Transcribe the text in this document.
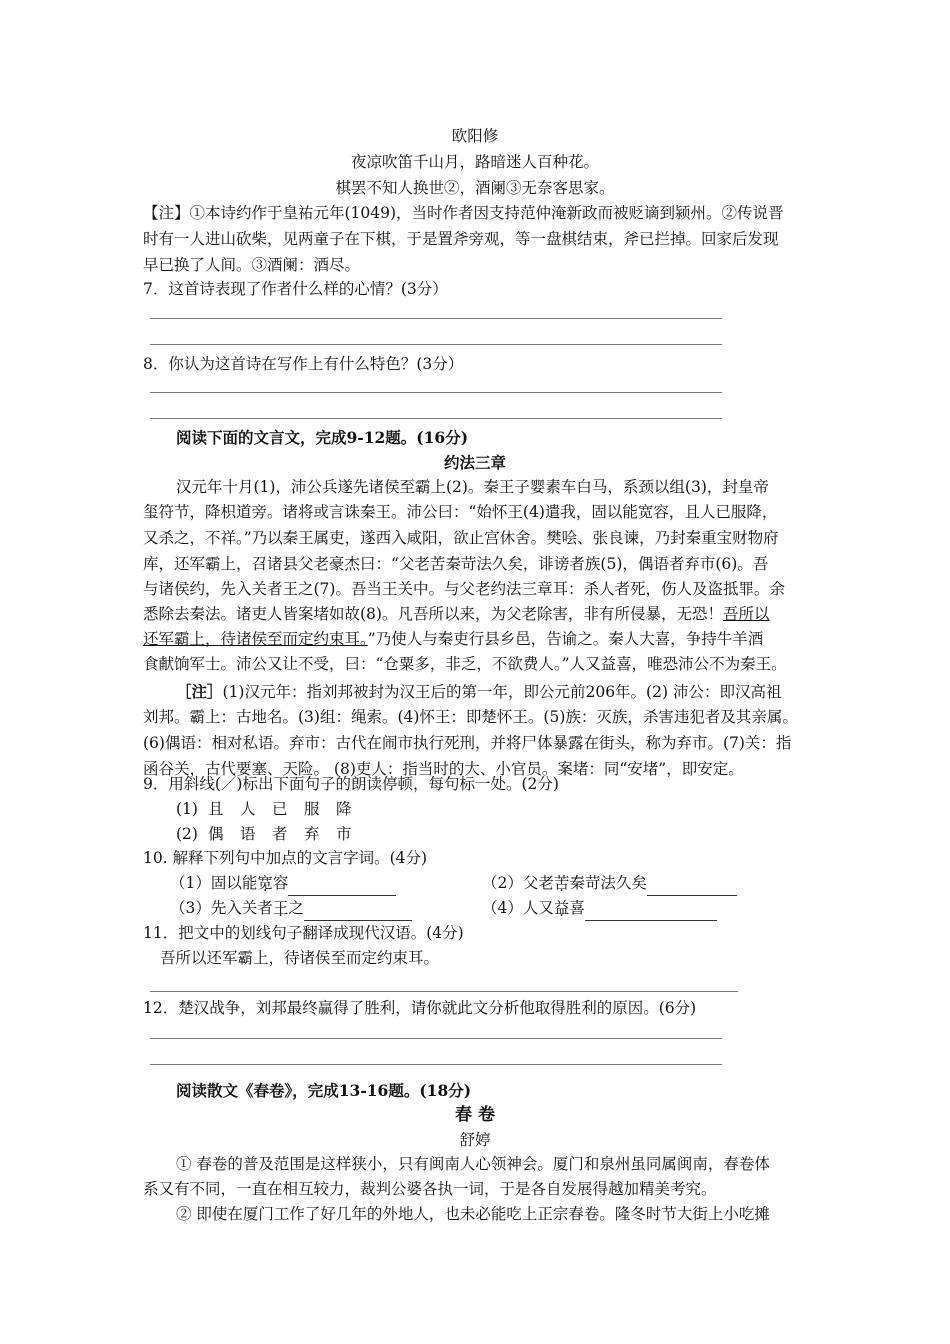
欧阳修
夜凉吹笛千山月，路暗迷人百种花。
棋罢不知人换世②，酒阑③无奈客思家。
【注】①本诗约作于皇祐元年(1049)，当时作者因支持范仲淹新政而被贬谪到颍州。②传说晋
时有一人进山砍柴，见两童子在下棋，于是置斧旁观，等一盘棋结束，斧已拦掉。回家后发现
早已换了人间。③酒阑：酒尽。
7．这首诗表现了作者什么样的心情？(3分）
8．你认为这首诗在写作上有什么特色？(3分）
阅读下面的文言文，完成9-12题。(16分)
约法三章
汉元年十月(1)，沛公兵遂先诸侯至霸上(2)。秦王子婴素车白马，系颈以组(3)，封皇帝
玺符节，降枳道旁。诸将或言诛秦王。沛公曰：“始怀王(4)遣我，固以能宽容，且人已服降，
又杀之，不祥。”乃以秦王属吏，遂西入咸阳，欲止宫休舍。樊哙、张良谏，乃封秦重宝财物府
库，还军霸上，召诸县父老豪杰曰：“父老苦秦苛法久矣，诽谤者族(5)，偶语者弃市(6)。吾
与诸侯约，先入关者王之(7)。吾当王关中。与父老约法三章耳：杀人者死，伤人及盗抵罪。余
悉除去秦法。诸吏人皆案堵如故(8)。凡吾所以来，为父老除害，非有所侵暴，无恐！吾所以
还军霸上，待诸侯至而定约束耳。”乃使人与秦吏行县乡邑，告谕之。秦人大喜，争持牛羊酒
食献饷军士。沛公又让不受，曰：“仓粟多，非乏，不欲费人。”人又益喜，唯恐沛公不为秦王。
［注］(1)汉元年：指刘邦被封为汉王后的第一年，即公元前206年。(2) 沛公：即汉高祖
刘邦。霸上：古地名。(3)组：绳索。(4)怀王：即楚怀王。(5)族：灭族，杀害违犯者及其亲属。
(6)偶语：相对私语。弃市：古代在闹市执行死刑，并将尸体暴露在街头，称为弃市。(7)关：指
函谷关，古代要塞、天险。 (8)吏人：指当时的大、小官员。案堵：同“安堵”，即安定。
9．用斜线(／)标出下面句子的朗读停顿，每句标一处。(2分)
(1) 且 人 已 服 降
(2) 偶 语 者 弃 市
10. 解释下列句中加点的文言字词。(4分)
（1）固以能宽容	（2）父老苦秦苛法久矣
（3）先入关者王之	（4）人又益喜
11．把文中的划线句子翻译成现代汉语。(4分)
吾所以还军霸上，待诸侯至而定约束耳。
12．楚汉战争，刘邦最终赢得了胜利，请你就此文分析他取得胜利的原因。(6分)
阅读散文《春卷》，完成13-16题。(18分)
春 卷
舒婷
① 春卷的普及范围是这样狭小，只有闽南人心领神会。厦门和泉州虽同属闽南，春卷体
系又有不同，一直在相互较力，裁判公婆各执一词，于是各自发展得越加精美考究。
② 即使在厦门工作了好几年的外地人，也未必能吃上正宗春卷。隆冬时节大街上小吃摊
